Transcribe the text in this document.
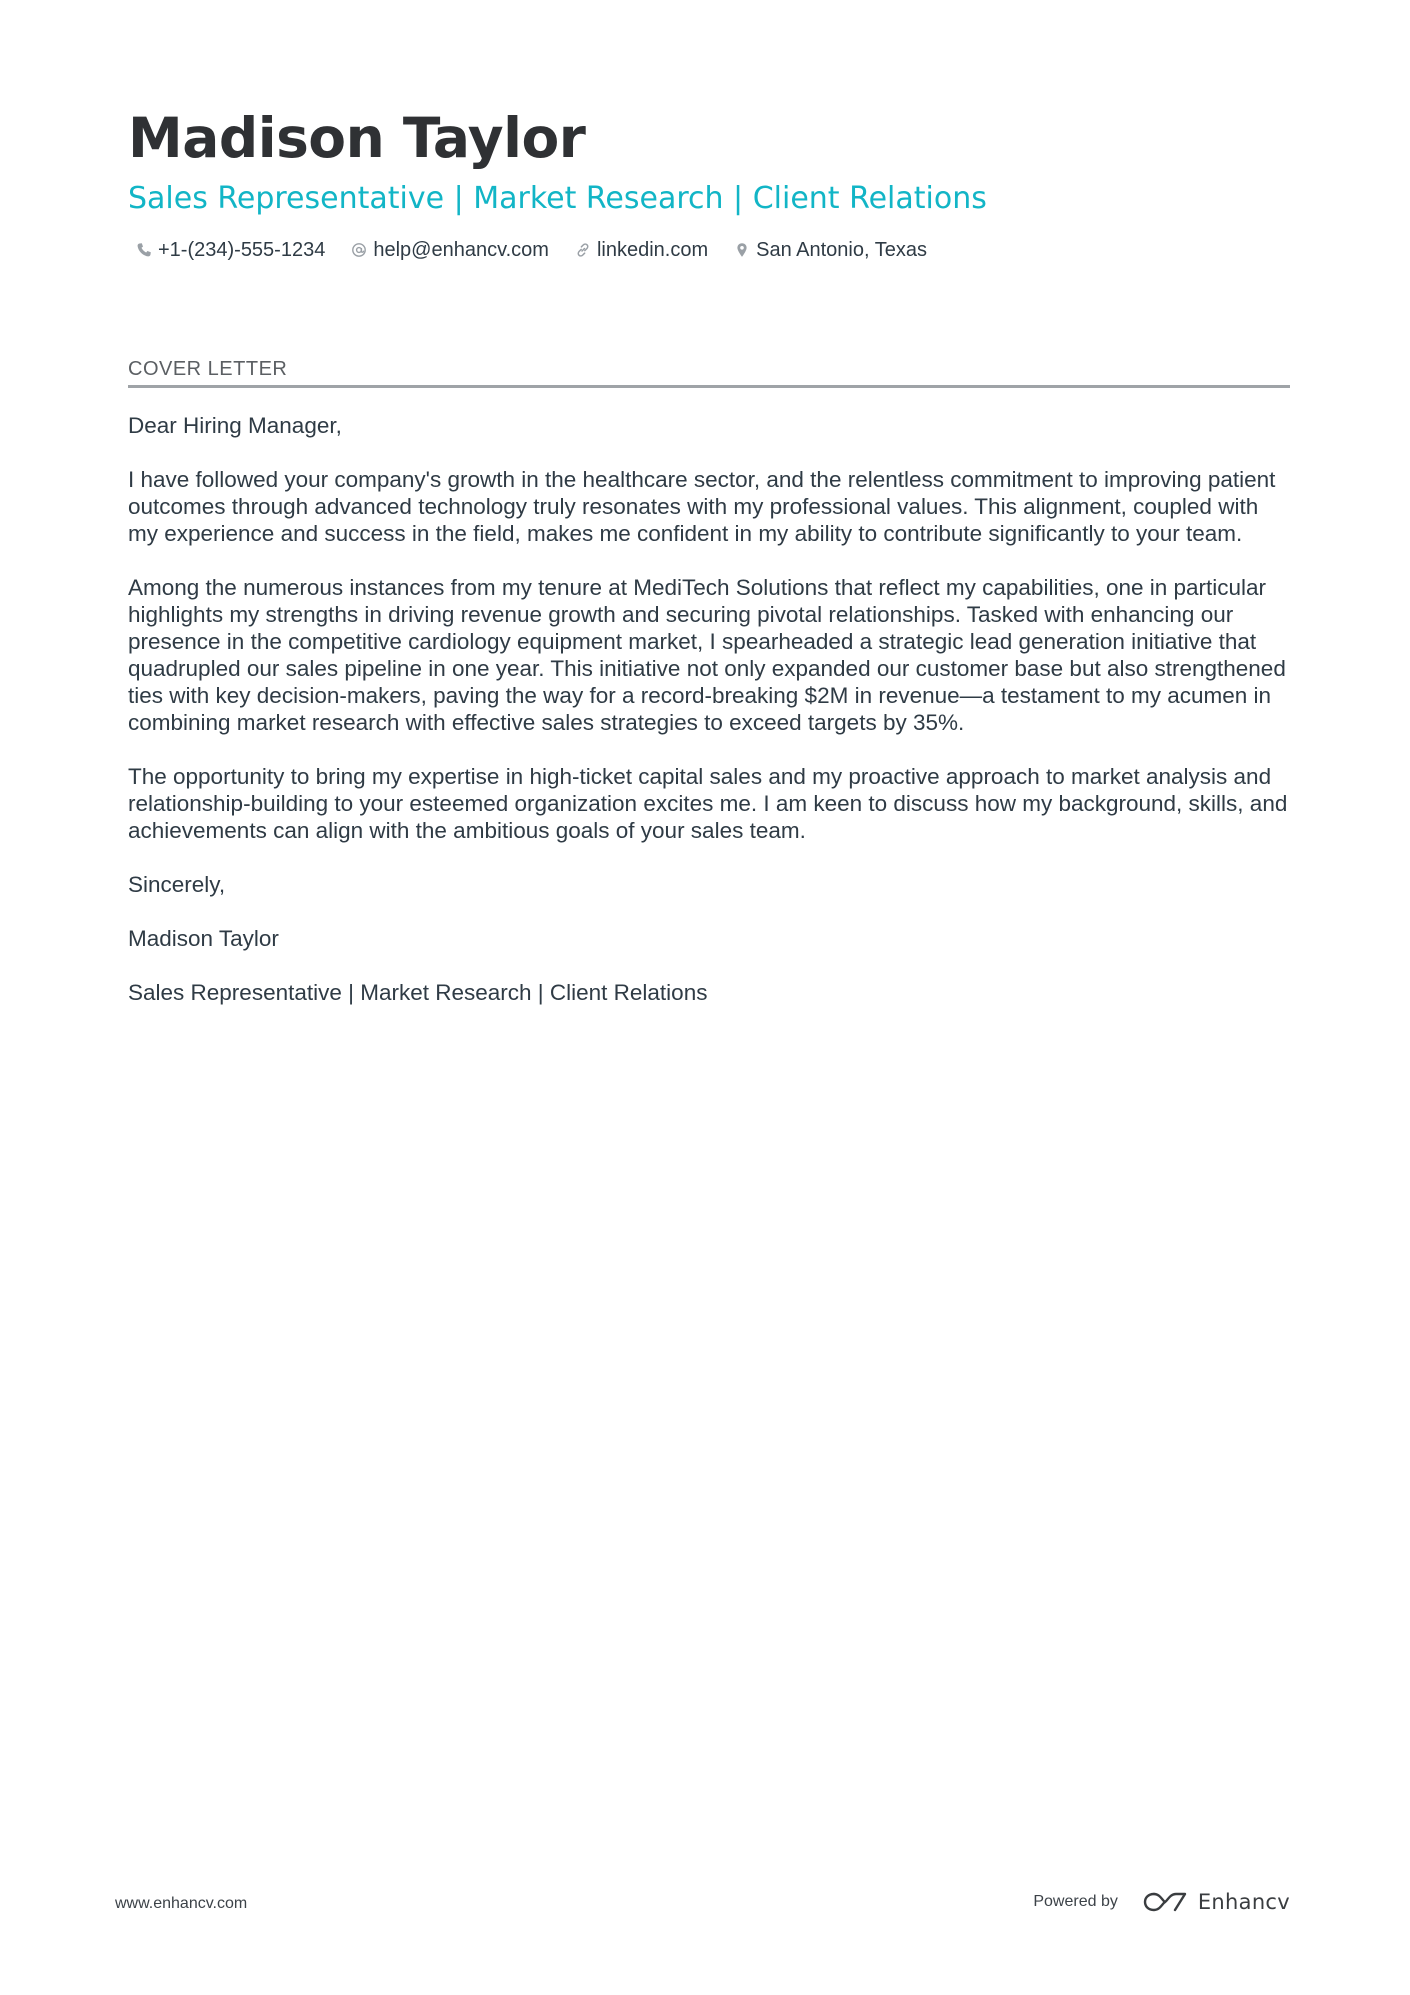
Madison Taylor
Sales Representative | Market Research | Client Relations
+1-(234)-555-1234 help@enhancv.com linkedin.com San Antonio, Texas
COVER LETTER

Dear Hiring Manager,

I have followed your company's growth in the healthcare sector, and the relentless commitment to improving patient outcomes through advanced technology truly resonates with my professional values. This alignment, coupled with my experience and success in the field, makes me confident in my ability to contribute significantly to your team.

Among the numerous instances from my tenure at MediTech Solutions that reflect my capabilities, one in particular highlights my strengths in driving revenue growth and securing pivotal relationships. Tasked with enhancing our presence in the competitive cardiology equipment market, I spearheaded a strategic lead generation initiative that quadrupled our sales pipeline in one year. This initiative not only expanded our customer base but also strengthened ties with key decision-makers, paving the way for a record-breaking $2M in revenue—a testament to my acumen in combining market research with effective sales strategies to exceed targets by 35%.

The opportunity to bring my expertise in high-ticket capital sales and my proactive approach to market analysis and relationship-building to your esteemed organization excites me. I am keen to discuss how my background, skills, and achievements can align with the ambitious goals of your sales team.

Sincerely,

Madison Taylor

Sales Representative | Market Research | Client Relations

www.enhancv.com	Powered by	Enhancv
